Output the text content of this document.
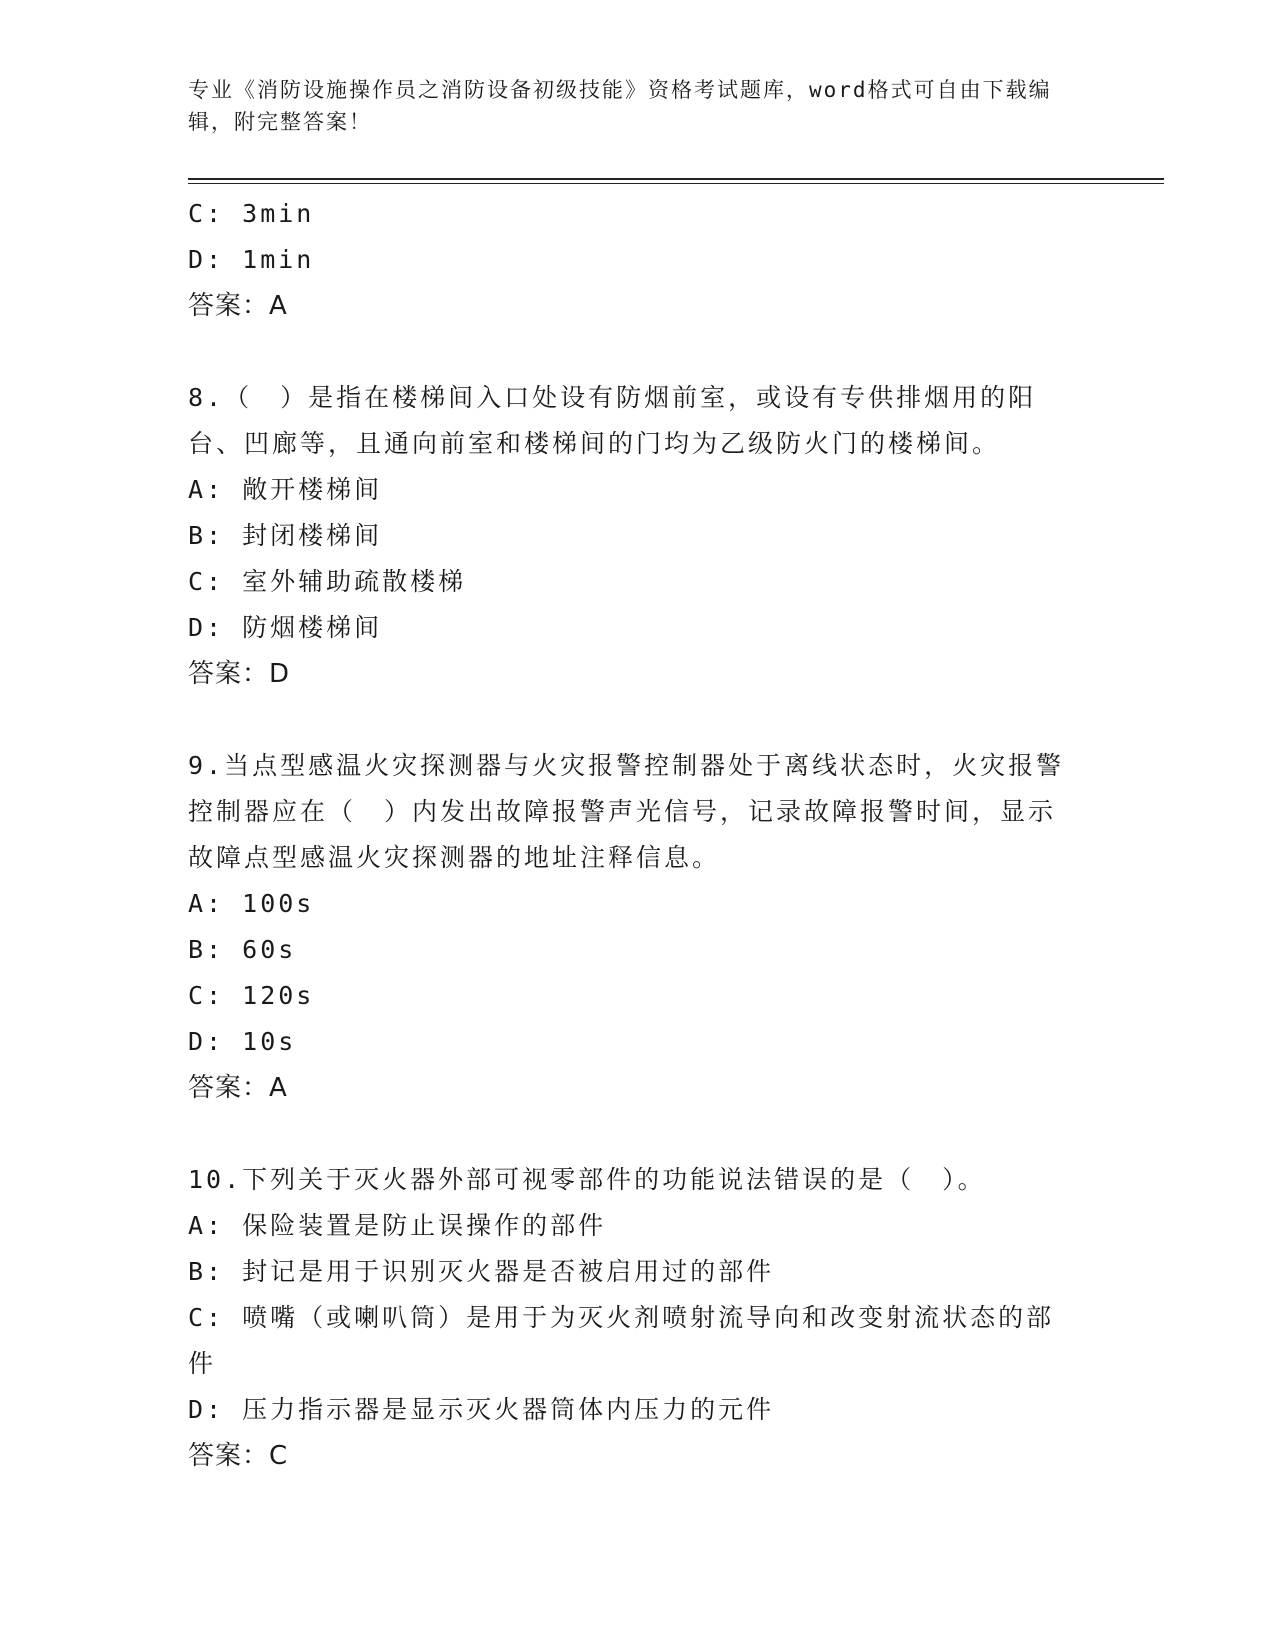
专业《消防设施操作员之消防设备初级技能》资格考试题库，word格式可自由下载编辑，附完整答案！
C: 3min
D: 1min
答案：A
8.（　）是指在楼梯间入口处设有防烟前室，或设有专供排烟用的阳台、凹廊等，且通向前室和楼梯间的门均为乙级防火门的楼梯间。
A: 敞开楼梯间
B: 封闭楼梯间
C: 室外辅助疏散楼梯
D: 防烟楼梯间
答案：D
9.当点型感温火灾探测器与火灾报警控制器处于离线状态时，火灾报警控制器应在（　）内发出故障报警声光信号，记录故障报警时间，显示故障点型感温火灾探测器的地址注释信息。
A: 100s
B: 60s
C: 120s
D: 10s
答案：A
10.下列关于灭火器外部可视零部件的功能说法错误的是（　）。
A: 保险装置是防止误操作的部件
B: 封记是用于识别灭火器是否被启用过的部件
C: 喷嘴（或喇叭筒）是用于为灭火剂喷射流导向和改变射流状态的部件
D: 压力指示器是显示灭火器筒体内压力的元件
答案：C
